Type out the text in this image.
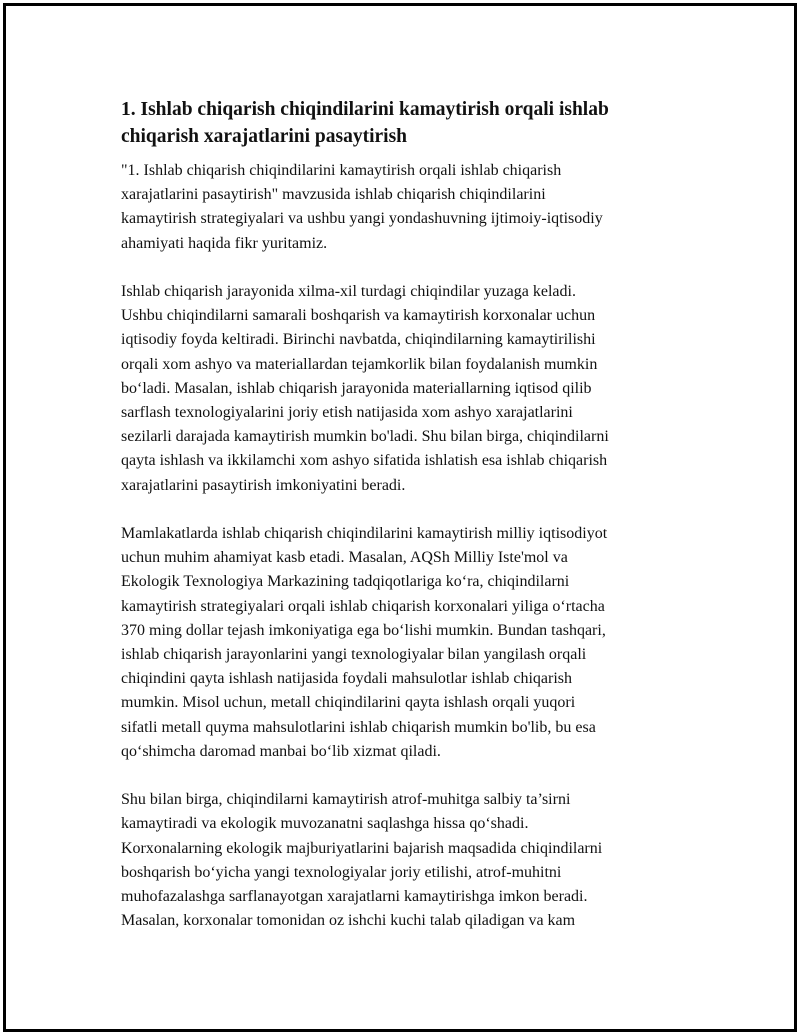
1. Ishlab chiqarish chiqindilarini kamaytirish orqali ishlab
chiqarish xarajatlarini pasaytirish

"1. Ishlab chiqarish chiqindilarini kamaytirish orqali ishlab chiqarish
xarajatlarini pasaytirish" mavzusida ishlab chiqarish chiqindilarini
kamaytirish strategiyalari va ushbu yangi yondashuvning ijtimoiy-iqtisodiy
ahamiyati haqida fikr yuritamiz.

Ishlab chiqarish jarayonida xilma-xil turdagi chiqindilar yuzaga keladi.
Ushbu chiqindilarni samarali boshqarish va kamaytirish korxonalar uchun
iqtisodiy foyda keltiradi. Birinchi navbatda, chiqindilarning kamaytirilishi
orqali xom ashyo va materiallardan tejamkorlik bilan foydalanish mumkin
bo‘ladi. Masalan, ishlab chiqarish jarayonida materiallarning iqtisod qilib
sarflash texnologiyalarini joriy etish natijasida xom ashyo xarajatlarini
sezilarli darajada kamaytirish mumkin bo'ladi. Shu bilan birga, chiqindilarni
qayta ishlash va ikkilamchi xom ashyo sifatida ishlatish esa ishlab chiqarish
xarajatlarini pasaytirish imkoniyatini beradi.

Mamlakatlarda ishlab chiqarish chiqindilarini kamaytirish milliy iqtisodiyot
uchun muhim ahamiyat kasb etadi. Masalan, AQSh Milliy Iste'mol va
Ekologik Texnologiya Markazining tadqiqotlariga ko‘ra, chiqindilarni
kamaytirish strategiyalari orqali ishlab chiqarish korxonalari yiliga o‘rtacha
370 ming dollar tejash imkoniyatiga ega bo‘lishi mumkin. Bundan tashqari,
ishlab chiqarish jarayonlarini yangi texnologiyalar bilan yangilash orqali
chiqindini qayta ishlash natijasida foydali mahsulotlar ishlab chiqarish
mumkin. Misol uchun, metall chiqindilarini qayta ishlash orqali yuqori
sifatli metall quyma mahsulotlarini ishlab chiqarish mumkin bo'lib, bu esa
qo‘shimcha daromad manbai bo‘lib xizmat qiladi.

Shu bilan birga, chiqindilarni kamaytirish atrof-muhitga salbiy ta’sirni
kamaytiradi va ekologik muvozanatni saqlashga hissa qo‘shadi.
Korxonalarning ekologik majburiyatlarini bajarish maqsadida chiqindilarni
boshqarish bo‘yicha yangi texnologiyalar joriy etilishi, atrof-muhitni
muhofazalashga sarflanayotgan xarajatlarni kamaytirishga imkon beradi.
Masalan, korxonalar tomonidan oz ishchi kuchi talab qiladigan va kam
